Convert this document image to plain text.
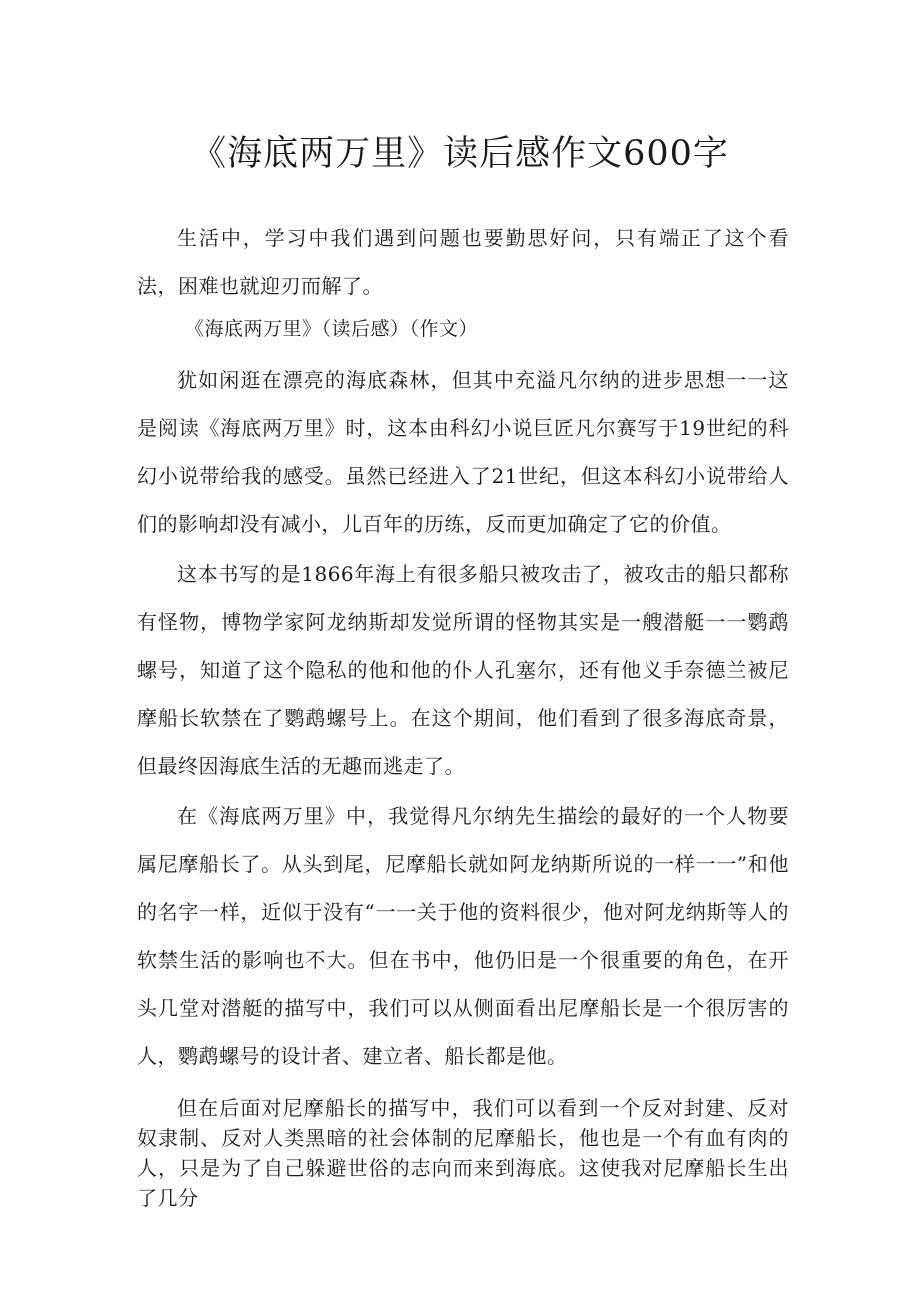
《海底两万里》读后感作文600字

生活中，学习中我们遇到问题也要勤思好问，只有端正了这个看法，困难也就迎刃而解了。

《海底两万里》（读后感）（作文）

犹如闲逛在漂亮的海底森林，但其中充溢凡尔纳的进步思想一一这是阅读《海底两万里》时，这本由科幻小说巨匠凡尔赛写于19世纪的科幻小说带给我的感受。虽然已经进入了21世纪，但这本科幻小说带给人们的影响却没有减小，儿百年的历练，反而更加确定了它的价值。

这本书写的是1866年海上有很多船只被攻击了，被攻击的船只都称有怪物，博物学家阿龙纳斯却发觉所谓的怪物其实是一艘潜艇一一鹦鹉螺号，知道了这个隐私的他和他的仆人孔塞尔，还有他义手奈德兰被尼摩船长软禁在了鹦鹉螺号上。在这个期间，他们看到了很多海底奇景，但最终因海底生活的无趣而逃走了。

在《海底两万里》中，我觉得凡尔纳先生描绘的最好的一个人物要属尼摩船长了。从头到尾，尼摩船长就如阿龙纳斯所说的一样一一”和他的名字一样，近似于没有“一一关于他的资料很少，他对阿龙纳斯等人的软禁生活的影响也不大。但在书中，他仍旧是一个很重要的角色，在开头几堂对潜艇的描写中，我们可以从侧面看出尼摩船长是一个很厉害的人，鹦鹉螺号的设计者、建立者、船长都是他。

但在后面对尼摩船长的描写中，我们可以看到一个反对封建、反对奴隶制、反对人类黑暗的社会体制的尼摩船长，他也是一个有血有肉的人，只是为了自己躲避世俗的志向而来到海底。这使我对尼摩船长生出了几分
